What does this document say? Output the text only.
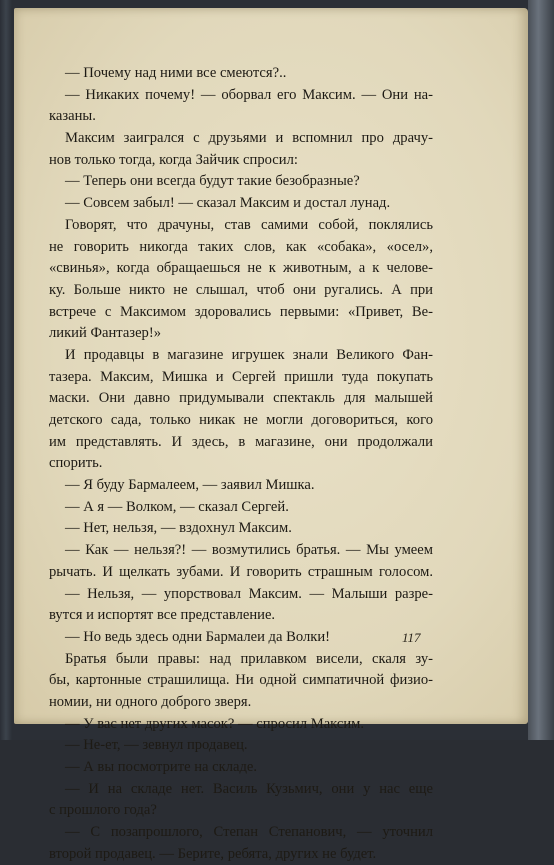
— Почему над ними все смеются?..
— Никаких почему! — оборвал его Максим. — Они на-
казаны.
Максим заигрался с друзьями и вспомнил про драчу-
нов только тогда, когда Зайчик спросил:
— Теперь они всегда будут такие безобразные?
— Совсем забыл! — сказал Максим и достал лунад.
Говорят, что драчуны, став самими собой, поклялись
не говорить никогда таких слов, как «собака», «осел»,
«свинья», когда обращаешься не к животным, а к челове-
ку. Больше никто не слышал, чтоб они ругались. А при
встрече с Максимом здоровались первыми: «Привет, Ве-
ликий Фантазер!»
И продавцы в магазине игрушек знали Великого Фан-
тазера. Максим, Мишка и Сергей пришли туда покупать
маски. Они давно придумывали спектакль для малышей
детского сада, только никак не могли договориться, кого
им представлять. И здесь, в магазине, они продолжали
спорить.
— Я буду Бармалеем, — заявил Мишка.
— А я — Волком, — сказал Сергей.
— Нет, нельзя, — вздохнул Максим.
— Как — нельзя?! — возмутились братья. — Мы умеем
рычать. И щелкать зубами. И говорить страшным голосом.
— Нельзя, — упорствовал Максим. — Малыши разре-
вутся и испортят все представление.
— Но ведь здесь одни Бармалеи да Волки!
Братья были правы: над прилавком висели, скаля зу-
бы, картонные страшилища. Ни одной симпатичной физио-
номии, ни одного доброго зверя.
— У вас нет других масок? — спросил Максим.
— Не-ет, — зевнул продавец.
— А вы посмотрите на складе.
— И на складе нет. Василь Кузьмич, они у нас еще
с прошлого года?
— С позапрошлого, Степан Степанович, — уточнил
второй продавец. — Берите, ребята, других не будет.
117
